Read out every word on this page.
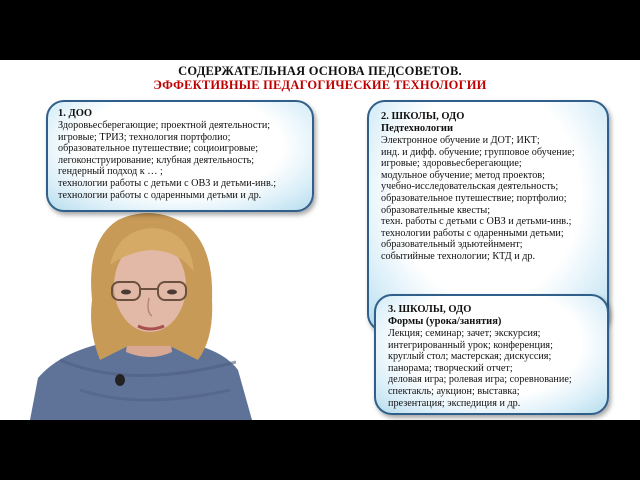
СОДЕРЖАТЕЛЬНАЯ ОСНОВА ПЕДСОВЕТОВ.
ЭФФЕКТИВНЫЕ ПЕДАГОГИЧЕСКИЕ ТЕХНОЛОГИИ
1. ДОО
Здоровьесберегающие; проектной деятельности;
игровые; ТРИЗ; технология портфолио;
образовательное путешествие; социоигровые;
легоконструирование; клубная деятельность;
гендерный подход к … ;
технологии работы с детьми с ОВЗ и детьми-инв.;
технологии работы с одаренными детьми и др.
2. ШКОЛЫ, ОДО
Педтехнологии
Электронное обучение и ДОТ; ИКТ;
инд. и дифф. обучение; групповое обучение;
игровые; здоровьесберегающие;
модульное обучение; метод проектов;
учебно-исследовательская деятельность;
образовательное путешествие; портфолио;
образовательные квесты;
техн. работы с детьми с ОВЗ и детьми-инв.;
технологии работы с одаренными детьми;
образовательный эдьютейнмент;
событийные технологии; КТД и др.
3. ШКОЛЫ, ОДО
Формы (урока/занятия)
Лекция; семинар; зачет; экскурсия;
интегрированный урок; конференция;
круглый стол; мастерская; дискуссия;
панорама; творческий отчет;
деловая игра; ролевая игра; соревнование;
спектакль; аукцион; выставка;
презентация; экспедиция и др.
